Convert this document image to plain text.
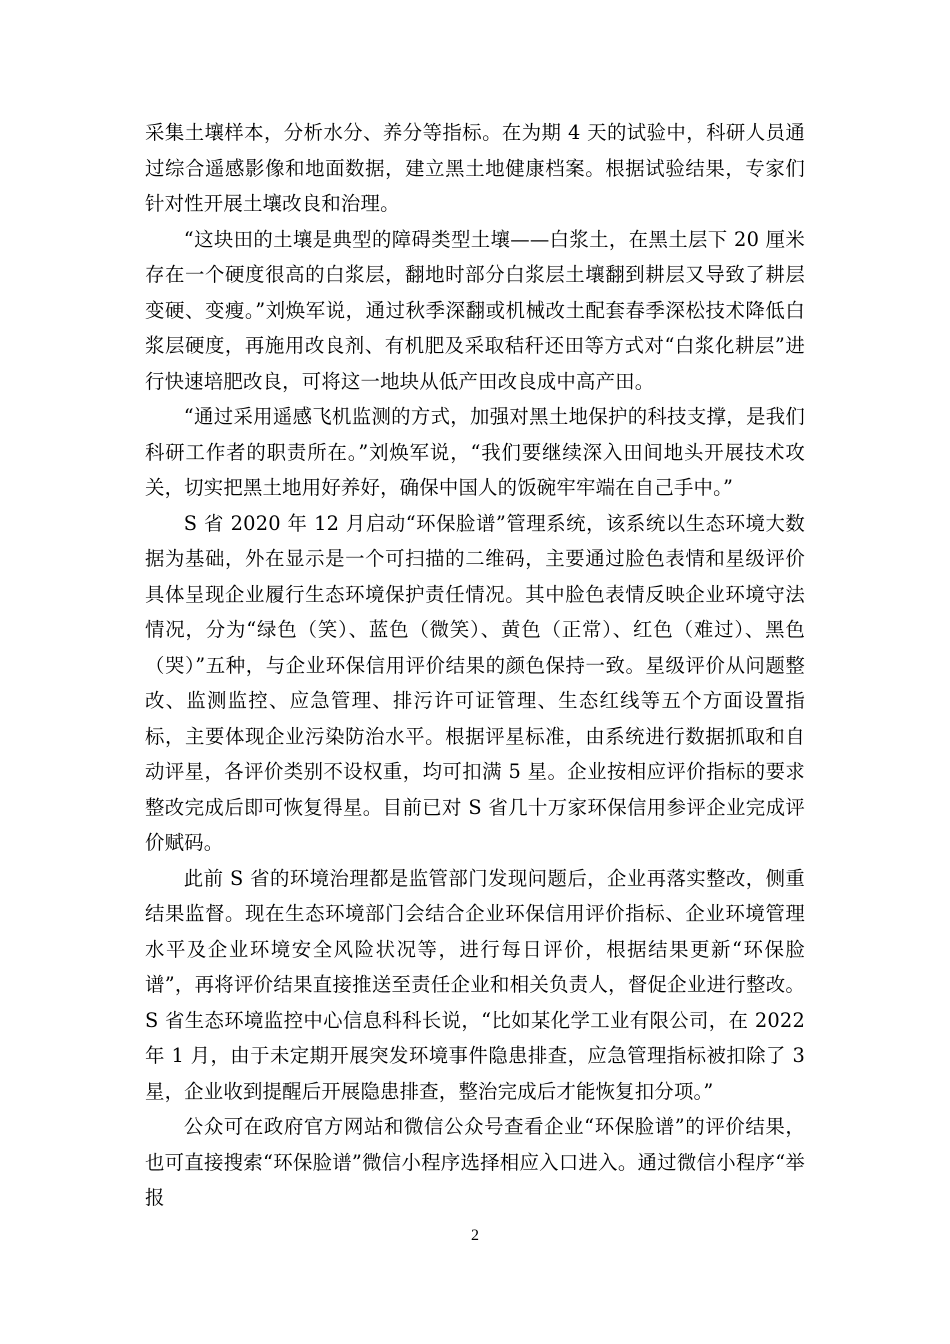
采集土壤样本，分析水分、养分等指标。在为期 4 天的试验中，科研人员通过综合遥感影像和地面数据，建立黑土地健康档案。根据试验结果，专家们针对性开展土壤改良和治理。

“这块田的土壤是典型的障碍类型土壤——白浆土，在黑土层下 20 厘米存在一个硬度很高的白浆层，翻地时部分白浆层土壤翻到耕层又导致了耕层变硬、变瘦。”刘焕军说，通过秋季深翻或机械改土配套春季深松技术降低白浆层硬度，再施用改良剂、有机肥及采取秸秆还田等方式对“白浆化耕层”进行快速培肥改良，可将这一地块从低产田改良成中高产田。

“通过采用遥感飞机监测的方式，加强对黑土地保护的科技支撑，是我们科研工作者的职责所在。”刘焕军说，“我们要继续深入田间地头开展技术攻关，切实把黑土地用好养好，确保中国人的饭碗牢牢端在自己手中。”

S 省 2020 年 12 月启动“环保脸谱”管理系统，该系统以生态环境大数据为基础，外在显示是一个可扫描的二维码，主要通过脸色表情和星级评价具体呈现企业履行生态环境保护责任情况。其中脸色表情反映企业环境守法情况，分为“绿色（笑）、蓝色（微笑）、黄色（正常）、红色（难过）、黑色（哭）”五种，与企业环保信用评价结果的颜色保持一致。星级评价从问题整改、监测监控、应急管理、排污许可证管理、生态红线等五个方面设置指标，主要体现企业污染防治水平。根据评星标准，由系统进行数据抓取和自动评星，各评价类别不设权重，均可扣满 5 星。企业按相应评价指标的要求整改完成后即可恢复得星。目前已对 S 省几十万家环保信用参评企业完成评价赋码。

此前 S 省的环境治理都是监管部门发现问题后，企业再落实整改，侧重结果监督。现在生态环境部门会结合企业环保信用评价指标、企业环境管理水平及企业环境安全风险状况等，进行每日评价，根据结果更新“环保脸谱”，再将评价结果直接推送至责任企业和相关负责人，督促企业进行整改。S 省生态环境监控中心信息科科长说，“比如某化学工业有限公司，在 2022 年 1 月，由于未定期开展突发环境事件隐患排查，应急管理指标被扣除了 3 星，企业收到提醒后开展隐患排查，整治完成后才能恢复扣分项。”

公众可在政府官方网站和微信公众号查看企业“环保脸谱”的评价结果，也可直接搜索“环保脸谱”微信小程序选择相应入口进入。通过微信小程序“举报

2
